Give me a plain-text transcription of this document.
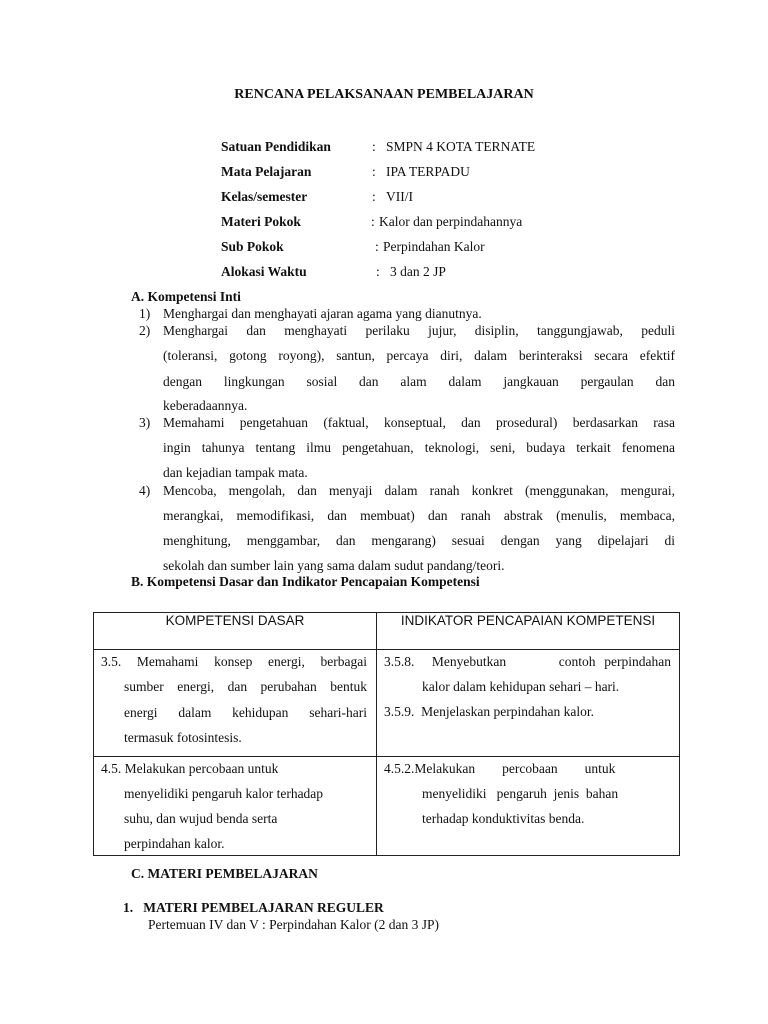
RENCANA PELAKSANAAN PEMBELAJARAN
Satuan Pendidikan	: SMPN 4 KOTA TERNATE
Mata Pelajaran	: IPA TERPADU
Kelas/semester	: VII/I
Materi Pokok	: Kalor dan perpindahannya
Sub Pokok	: Perpindahan Kalor
Alokasi Waktu	: 3 dan 2 JP
A. Kompetensi Inti
1) Menghargai dan menghayati ajaran agama yang dianutnya.
2) Menghargai dan menghayati perilaku jujur, disiplin, tanggungjawab, peduli
(toleransi, gotong royong), santun, percaya diri, dalam berinteraksi secara efektif
dengan lingkungan sosial dan alam dalam jangkauan pergaulan dan
keberadaannya.
3) Memahami pengetahuan (faktual, konseptual, dan prosedural) berdasarkan rasa
ingin tahunya tentang ilmu pengetahuan, teknologi, seni, budaya terkait fenomena
dan kejadian tampak mata.
4) Mencoba, mengolah, dan menyaji dalam ranah konkret (menggunakan, mengurai,
merangkai, memodifikasi, dan membuat) dan ranah abstrak (menulis, membaca,
menghitung, menggambar, dan mengarang) sesuai dengan yang dipelajari di
sekolah dan sumber lain yang sama dalam sudut pandang/teori.
B. Kompetensi Dasar dan Indikator Pencapaian Kompetensi
KOMPETENSI DASAR	INDIKATOR PENCAPAIAN KOMPETENSI

3.5. Memahami konsep energi, berbagai
sumber energi, dan perubahan bentuk
energi dalam kehidupan sehari-hari
termasuk fotosintesis.	3.5.8.  Menyebutkan      contoh perpindahan
kalor dalam kehidupan sehari – hari.
3.5.9.  Menjelaskan perpindahan kalor.

4.5. Melakukan percobaan untuk
menyelidiki pengaruh kalor terhadap
suhu, dan wujud benda serta
perpindahan kalor.	4.5.2.Melakukan        percobaan        untuk
menyelidiki   pengaruh  jenis  bahan
terhadap konduktivitas benda.
C. MATERI PEMBELAJARAN
1.   MATERI PEMBELAJARAN REGULER
Pertemuan IV dan V : Perpindahan Kalor (2 dan 3 JP)
